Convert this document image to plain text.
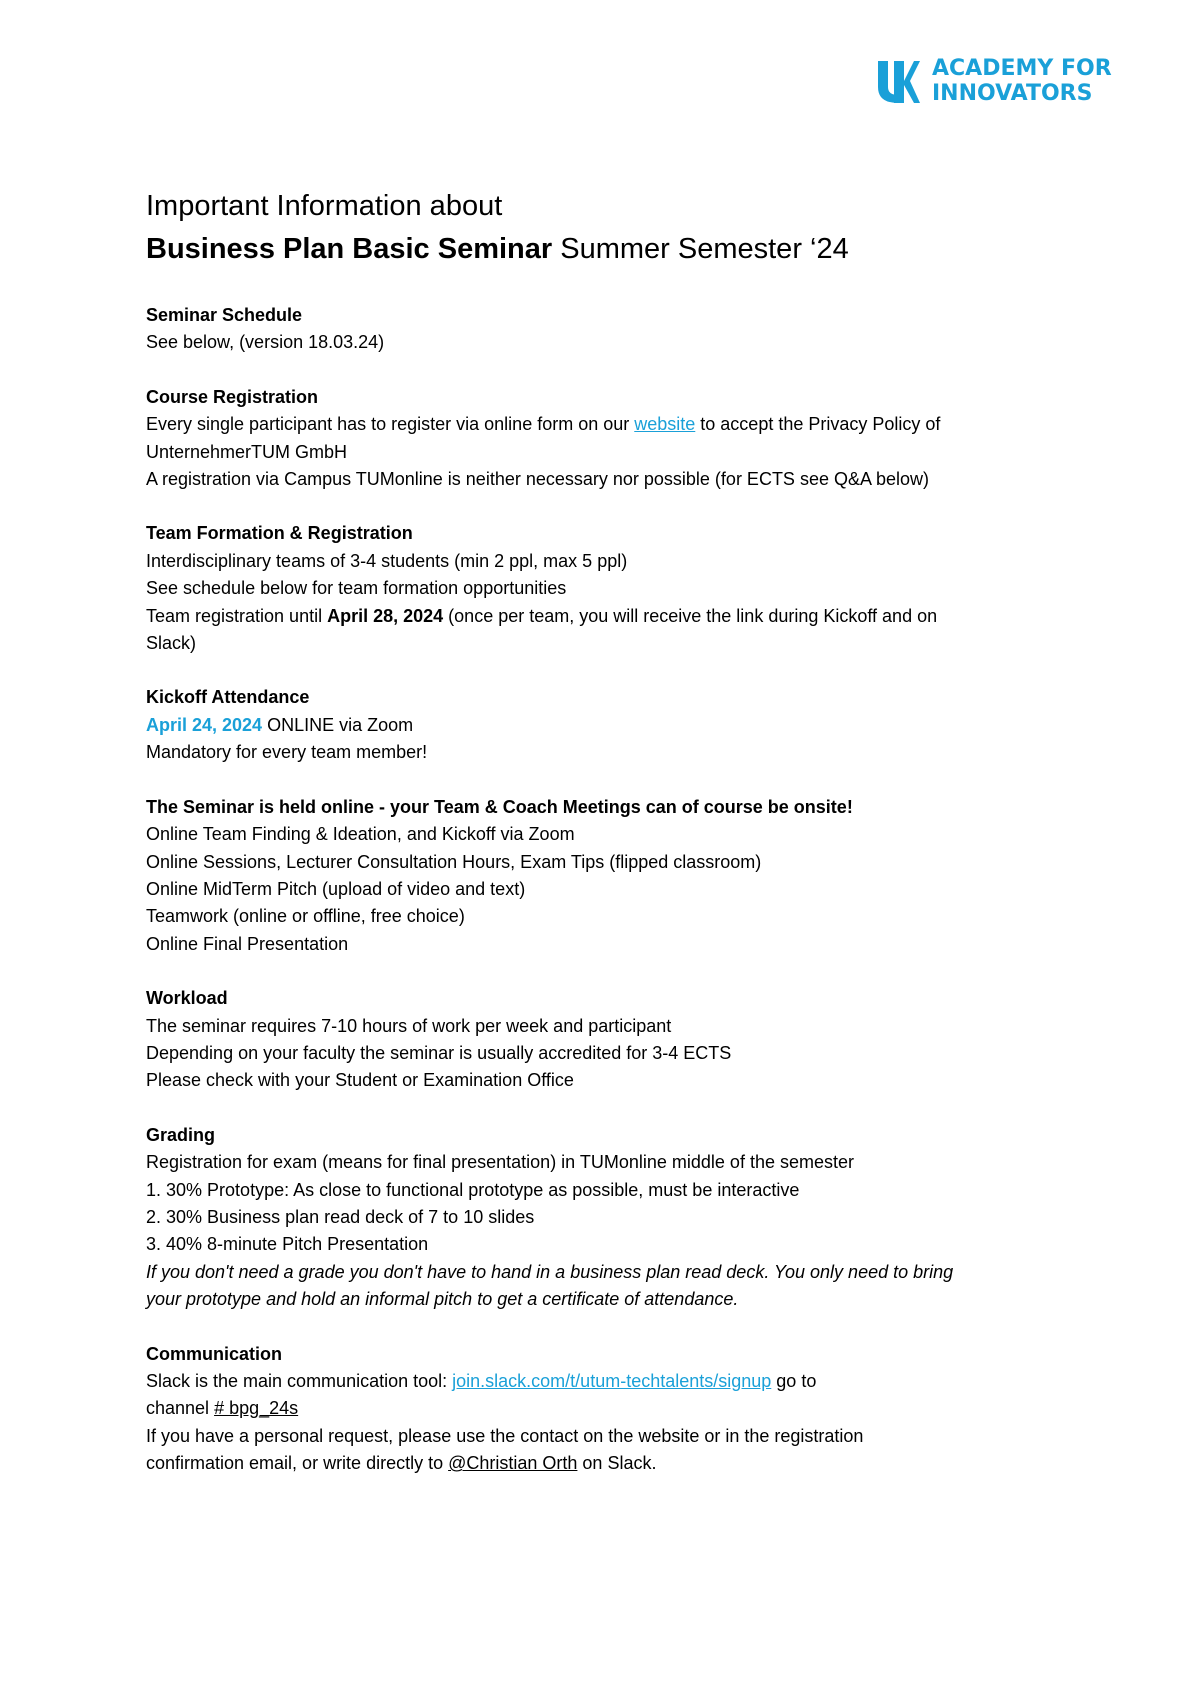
ACADEMY FOR
INNOVATORS
Important Information about
Business Plan Basic Seminar Summer Semester ‘24
Seminar Schedule
See below, (version 18.03.24)
Course Registration
Every single participant has to register via online form on our website to accept the Privacy Policy of
UnternehmerTUM GmbH
A registration via Campus TUMonline is neither necessary nor possible (for ECTS see Q&A below)
Team Formation & Registration
Interdisciplinary teams of 3-4 students (min 2 ppl, max 5 ppl)
See schedule below for team formation opportunities
Team registration until April 28, 2024 (once per team, you will receive the link during Kickoff and on
Slack)
Kickoff Attendance
April 24, 2024 ONLINE via Zoom
Mandatory for every team member!
The Seminar is held online - your Team & Coach Meetings can of course be onsite!
Online Team Finding & Ideation, and Kickoff via Zoom
Online Sessions, Lecturer Consultation Hours, Exam Tips (flipped classroom)
Online MidTerm Pitch (upload of video and text)
Teamwork (online or offline, free choice)
Online Final Presentation
Workload
The seminar requires 7-10 hours of work per week and participant
Depending on your faculty the seminar is usually accredited for 3-4 ECTS
Please check with your Student or Examination Office
Grading
Registration for exam (means for final presentation) in TUMonline middle of the semester
1. 30% Prototype: As close to functional prototype as possible, must be interactive
2. 30% Business plan read deck of 7 to 10 slides
3. 40% 8-minute Pitch Presentation
If you don't need a grade you don't have to hand in a business plan read deck. You only need to bring
your prototype and hold an informal pitch to get a certificate of attendance.
Communication
Slack is the main communication tool: join.slack.com/t/utum-techtalents/signup go to
channel # bpg_24s
If you have a personal request, please use the contact on the website or in the registration
confirmation email, or write directly to @Christian Orth on Slack.
